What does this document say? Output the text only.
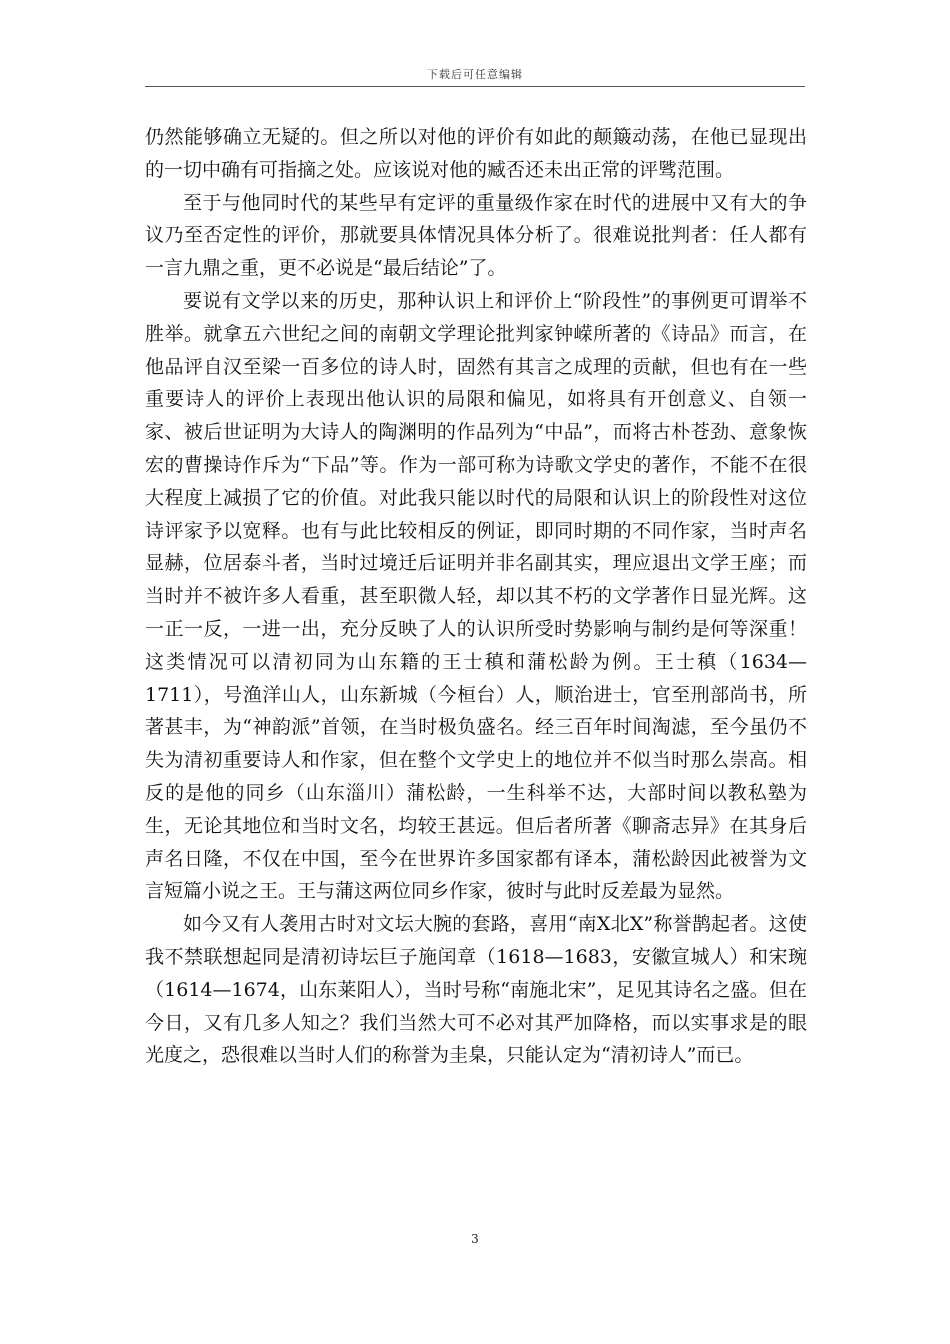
下载后可任意编辑

仍然能够确立无疑的。但之所以对他的评价有如此的颠簸动荡，在他已显现出的一切中确有可指摘之处。应该说对他的臧否还未出正常的评骘范围。

至于与他同时代的某些早有定评的重量级作家在时代的进展中又有大的争议乃至否定性的评价，那就要具体情况具体分析了。很难说批判者：任人都有一言九鼎之重，更不必说是“最后结论”了。

要说有文学以来的历史，那种认识上和评价上“阶段性”的事例更可谓举不胜举。就拿五六世纪之间的南朝文学理论批判家钟嵘所著的《诗品》而言，在他品评自汉至梁一百多位的诗人时，固然有其言之成理的贡献，但也有在一些重要诗人的评价上表现出他认识的局限和偏见，如将具有开创意义、自领一家、被后世证明为大诗人的陶渊明的作品列为“中品”，而将古朴苍劲、意象恢宏的曹操诗作斥为“下品”等。作为一部可称为诗歌文学史的著作，不能不在很大程度上减损了它的价值。对此我只能以时代的局限和认识上的阶段性对这位诗评家予以宽释。也有与此比较相反的例证，即同时期的不同作家，当时声名显赫，位居泰斗者，当时过境迁后证明并非名副其实，理应退出文学王座；而当时并不被许多人看重，甚至职微人轻，却以其不朽的文学著作日显光辉。这一正一反，一进一出，充分反映了人的认识所受时势影响与制约是何等深重！这类情况可以清初同为山东籍的王士稹和蒲松龄为例。王士稹（1634—1711），号渔洋山人，山东新城（今桓台）人，顺治进士，官至刑部尚书，所著甚丰，为“神韵派”首领，在当时极负盛名。经三百年时间淘滤，至今虽仍不失为清初重要诗人和作家，但在整个文学史上的地位并不似当时那么崇高。相反的是他的同乡（山东淄川）蒲松龄，一生科举不达，大部时间以教私塾为生，无论其地位和当时文名，均较王甚远。但后者所著《聊斋志异》在其身后声名日隆，不仅在中国，至今在世界许多国家都有译本，蒲松龄因此被誉为文言短篇小说之王。王与蒲这两位同乡作家，彼时与此时反差最为显然。

如今又有人袭用古时对文坛大腕的套路，喜用“南X北X”称誉鹊起者。这使我不禁联想起同是清初诗坛巨子施闰章（1618—1683，安徽宣城人）和宋琬（1614—1674，山东莱阳人），当时号称“南施北宋”，足见其诗名之盛。但在今日，又有几多人知之？我们当然大可不必对其严加降格，而以实事求是的眼光度之，恐很难以当时人们的称誉为圭臬，只能认定为“清初诗人”而已。

3
